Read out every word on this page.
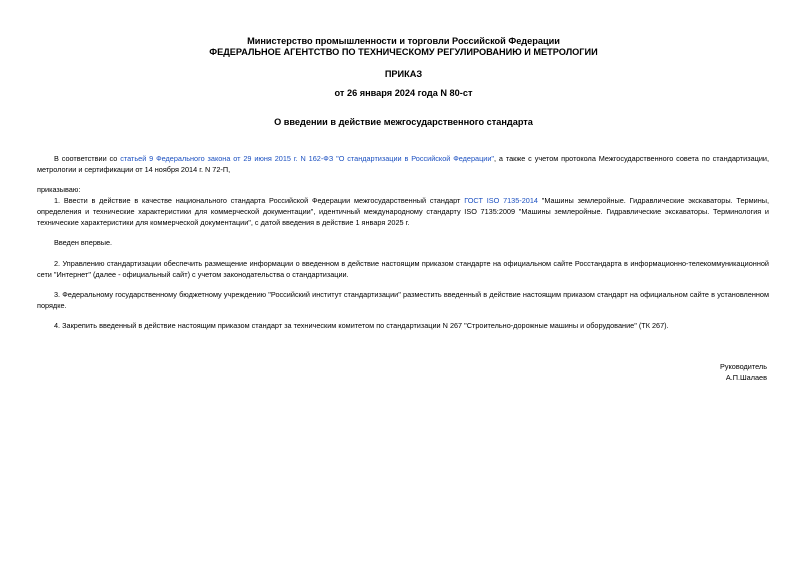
Министерство промышленности и торговли Российской Федерации
ФЕДЕРАЛЬНОЕ АГЕНТСТВО ПО ТЕХНИЧЕСКОМУ РЕГУЛИРОВАНИЮ И МЕТРОЛОГИИ
ПРИКАЗ
от 26 января 2024 года N 80-ст
О введении в действие межгосударственного стандарта
В соответствии со статьей 9 Федерального закона от 29 июня 2015 г. N 162-ФЗ "О стандартизации в Российской Федерации", а также с учетом протокола Межгосударственного совета по стандартизации, метрологии и сертификации от 14 ноября 2014 г. N 72-П,
приказываю:
1. Ввести в действие в качестве национального стандарта Российской Федерации межгосударственный стандарт ГОСТ ISO 7135-2014 "Машины землеройные. Гидравлические экскаваторы. Термины, определения и технические характеристики для коммерческой документации", идентичный международному стандарту ISO 7135:2009 "Машины землеройные. Гидравлические экскаваторы. Терминология и технические характеристики для коммерческой документации", с датой введения в действие 1 января 2025 г.
Введен впервые.
2. Управлению стандартизации обеспечить размещение информации о введенном в действие настоящим приказом стандарте на официальном сайте Росстандарта в информационно-телекоммуникационной сети "Интернет" (далее - официальный сайт) с учетом законодательства о стандартизации.
3. Федеральному государственному бюджетному учреждению "Российский институт стандартизации" разместить введенный в действие настоящим приказом стандарт на официальном сайте в установленном порядке.
4. Закрепить введенный в действие настоящим приказом стандарт за техническим комитетом по стандартизации N 267 "Строительно-дорожные машины и оборудование" (ТК 267).
Руководитель
А.П.Шалаев
